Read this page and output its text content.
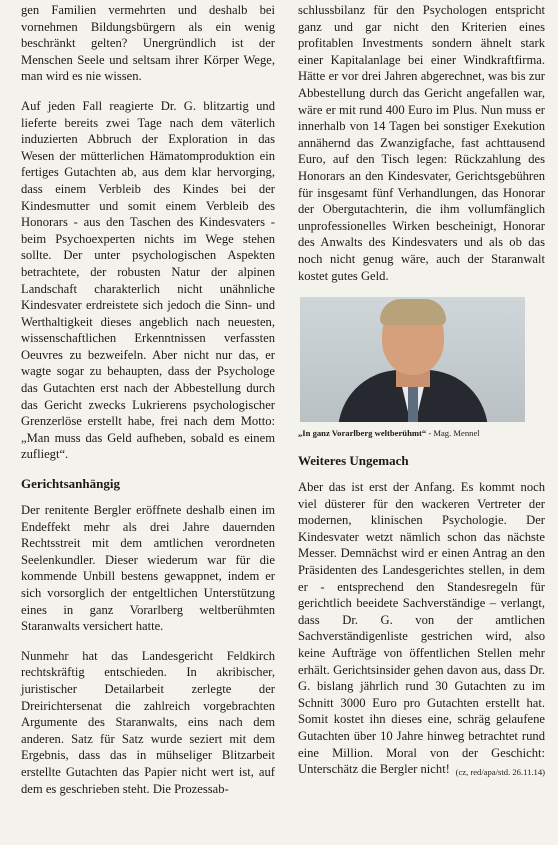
gen Familien vermehrten und deshalb bei vornehmen Bildungsbürgern als ein wenig beschränkt gelten? Unergründlich ist der Menschen Seele und seltsam ihrer Körper Wege, man wird es nie wissen.

Auf jeden Fall reagierte Dr. G. blitzartig und lieferte bereits zwei Tage nach dem väterlich induzierten Abbruch der Exploration in das Wesen der mütterlichen Hämatomproduktion ein fertiges Gutachten ab, aus dem klar hervorging, dass einem Verbleib des Kindes bei der Kindesmutter und somit einem Verbleib des Honorars - aus den Taschen des Kindesvaters - beim Psychoexperten nichts im Wege stehen sollte. Der unter psychologischen Aspekten betrachtete, der robusten Natur der alpinen Landschaft charakterlich nicht unähnliche Kindesvater erdreistete sich jedoch die Sinn- und Werthaltigkeit dieses angeblich nach neuesten, wissenschaftlichen Erkenntnissen verfassten Oeuvres zu bezweifeln. Aber nicht nur das, er wagte sogar zu behaupten, dass der Psychologe das Gutachten erst nach der Abbestellung durch das Gericht zwecks Lukrierens psychologischer Grenzerlöse erstellt habe, frei nach dem Motto: „Man muss das Geld aufheben, sobald es einem zufliegt“.

Gerichtsanhängig

Der renitente Bergler eröffnete deshalb einen im Endeffekt mehr als drei Jahre dauernden Rechtsstreit mit dem amtlichen verordneten Seelenkundler. Dieser wiederum war für die kommende Unbill bestens gewappnet, indem er sich vorsorglich der entgeltlichen Unterstützung eines in ganz Vorarlberg weltberühmten Staranwalts versichert hatte.

Nunmehr hat das Landesgericht Feldkirch rechtskräftig entschieden. In akribischer, juristischer Detailarbeit zerlegte der Dreirichtersenat die zahlreich vorgebrachten Argumente des Staranwalts, eins nach dem anderen. Satz für Satz wurde seziert mit dem Ergebnis, dass das in mühseliger Blitzarbeit erstellte Gutachten das Papier nicht wert ist, auf dem es geschrieben steht. Die Prozessab-

schlussbilanz für den Psychologen entspricht ganz und gar nicht den Kriterien eines profitablen Investments sondern ähnelt stark einer Kapitalanlage bei einer Windkraftfirma. Hätte er vor drei Jahren abgerechnet, was bis zur Abbestellung durch das Gericht angefallen war, wäre er mit rund 400 Euro im Plus. Nun muss er innerhalb von 14 Tagen bei sonstiger Exekution annähernd das Zwanzigfache, fast achttausend Euro, auf den Tisch legen: Rückzahlung des Honorars an den Kindesvater, Gerichtsgebühren für insgesamt fünf Verhandlungen, das Honorar der Obergutachterin, die ihm vollumfänglich unprofessionelles Wirken bescheinigt, Honorar des Anwalts des Kindesvaters und als ob das noch nicht genug wäre, auch der Staranwalt kostet gutes Geld.

„In ganz Vorarlberg weltberühmt“ - Mag. Mennel
Weiteres Ungemach

Aber das ist erst der Anfang. Es kommt noch viel düsterer für den wackeren Vertreter der modernen, klinischen Psychologie. Der Kindesvater wetzt nämlich schon das nächste Messer. Demnächst wird er einen Antrag an den Präsidenten des Landesgerichtes stellen, in dem er - entsprechend den Standesregeln für gerichtlich beeidete Sachverständige – verlangt, dass Dr. G. von der amtlichen Sachverständigenliste gestrichen wird, also keine Aufträge von öffentlichen Stellen mehr erhält. Gerichtsinsider gehen davon aus, dass Dr. G. bislang jährlich rund 30 Gutachten zu im Schnitt 3000 Euro pro Gutachten erstellt hat. Somit kostet ihn dieses eine, schräg gelaufene Gutachten über 10 Jahre hinweg betrachtet rund eine Million. Moral von der Geschicht: Unterschätz die Bergler nicht! (cz, red/apa/std. 26.11.14)
